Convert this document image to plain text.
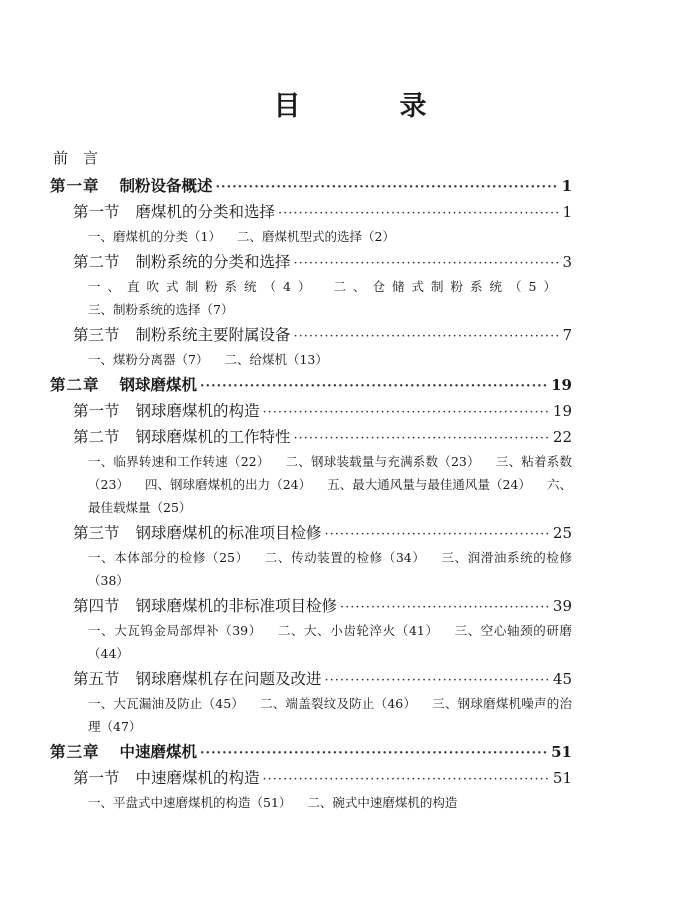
目　录
前　言
第一章 制粉设备概述 ·····	1
第一节 磨煤机的分类和选择 ·····	1
一、磨煤机的分类（1） 二、磨煤机型式的选择（2）
第二节 制粉系统的分类和选择 ·····	3
一、直吹式制粉系统（4） 二、仓储式制粉系统（5）三、制粉系统的选择（7）
第三节 制粉系统主要附属设备 ·····	7
一、煤粉分离器（7） 二、给煤机（13）
第二章 钢球磨煤机 ·····	19
第一节 钢球磨煤机的构造 ·····	19
第二节 钢球磨煤机的工作特性 ·····	22
一、临界转速和工作转速（22） 二、钢球装载量与充满系数（23） 三、粘着系数（23） 四、钢球磨煤机的出力（24） 五、最大通风量与最佳通风量（24） 六、最佳载煤量（25）
第三节 钢球磨煤机的标准项目检修 ·····	25
一、本体部分的检修（25） 二、传动装置的检修（34） 三、润滑油系统的检修（38）
第四节 钢球磨煤机的非标准项目检修 ·····	39
一、大瓦钨金局部焊补（39） 二、大、小齿轮淬火（41） 三、空心轴颈的研磨（44）
第五节 钢球磨煤机存在问题及改进 ·····	45
一、大瓦漏油及防止（45） 二、端盖裂纹及防止（46） 三、钢球磨煤机噪声的治理（47）
第三章 中速磨煤机 ·····	51
第一节 中速磨煤机的构造 ·····	51
一、平盘式中速磨煤机的构造（51） 二、碗式中速磨煤机的构造
